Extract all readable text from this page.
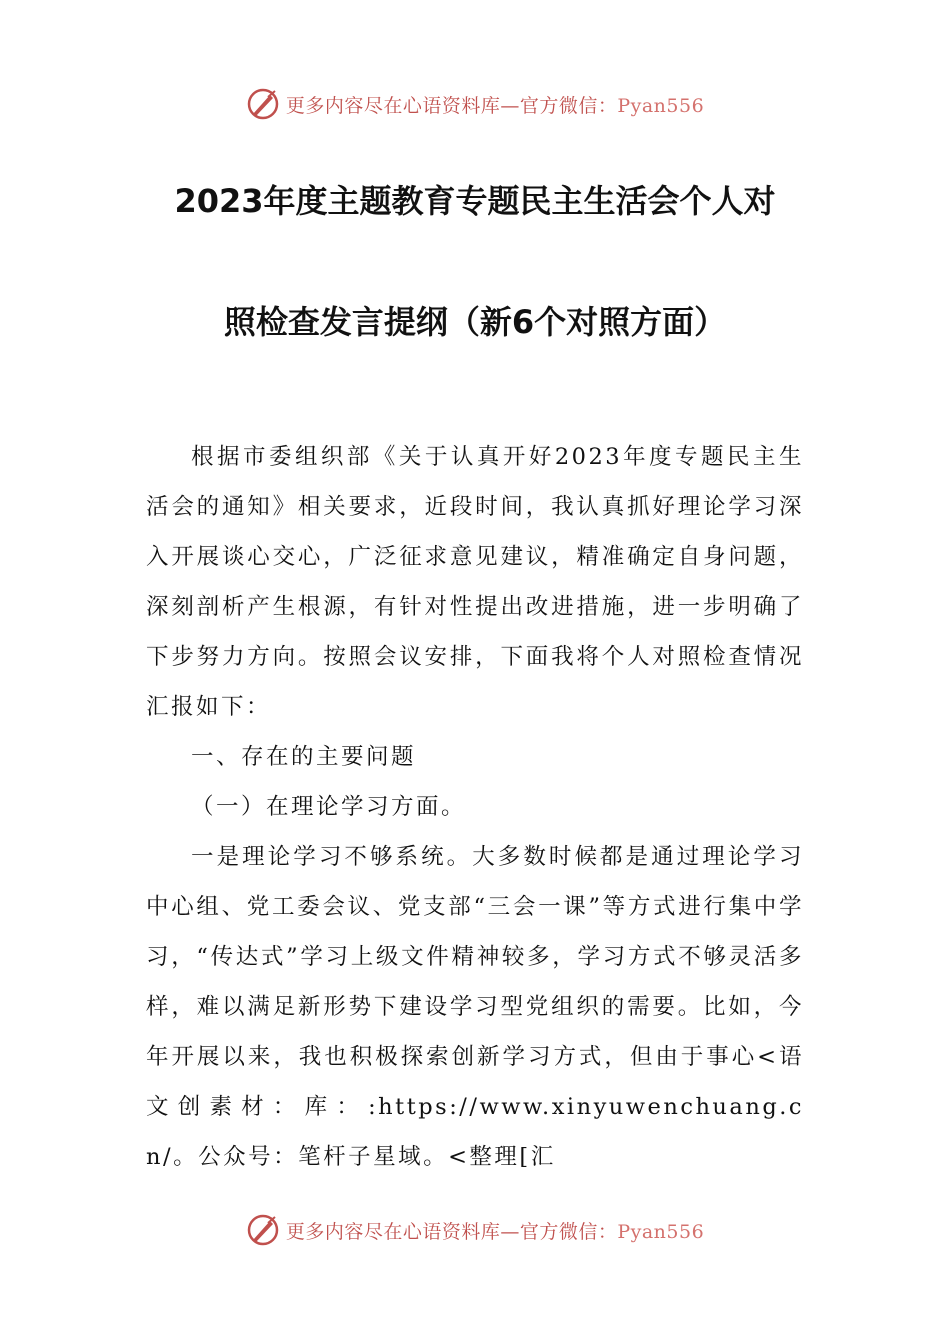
更多内容尽在心语资料库—官方微信：Pyan556
2023年度主题教育专题民主生活会个人对
照检查发言提纲（新6个对照方面）

根据市委组织部《关于认真开好2023年度专题民主生活会的通知》相关要求，近段时间，我认真抓好理论学习深入开展谈心交心，广泛征求意见建议，精准确定自身问题，深刻剖析产生根源，有针对性提出改进措施，进一步明确了下步努力方向。按照会议安排，下面我将个人对照检查情况汇报如下：

一、存在的主要问题

（一）在理论学习方面。

一是理论学习不够系统。大多数时候都是通过理论学习中心组、党工委会议、党支部“三会一课”等方式进行集中学习，“传达式”学习上级文件精神较多，学习方式不够灵活多样，难以满足新形势下建设学习型党组织的需要。比如，今年开展以来，我也积极探索创新学习方式，但由于事心<语文创素材：库：:https://www.xinyuwenchuang.cn/。公众号：笔杆子星域。<整理[汇

更多内容尽在心语资料库—官方微信：Pyan556
